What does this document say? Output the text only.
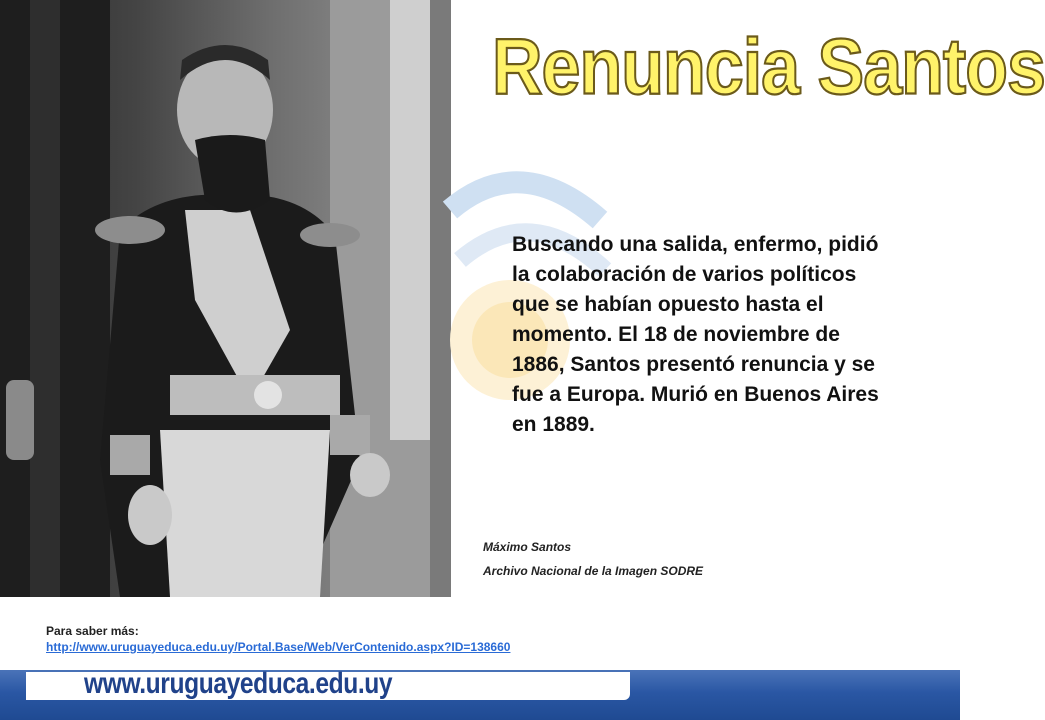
Renuncia Santos
Buscando una salida, enfermo, pidió la colaboración de varios políticos que se habían opuesto hasta el momento. El 18 de noviembre de 1886, Santos presentó renuncia y se fue a Europa. Murió en Buenos Aires en 1889.
Máximo Santos
Archivo Nacional de la Imagen SODRE
Para saber más:
http://www.uruguayeduca.edu.uy/Portal.Base/Web/VerContenido.aspx?ID=138660
www.uruguayeduca.edu.uy
